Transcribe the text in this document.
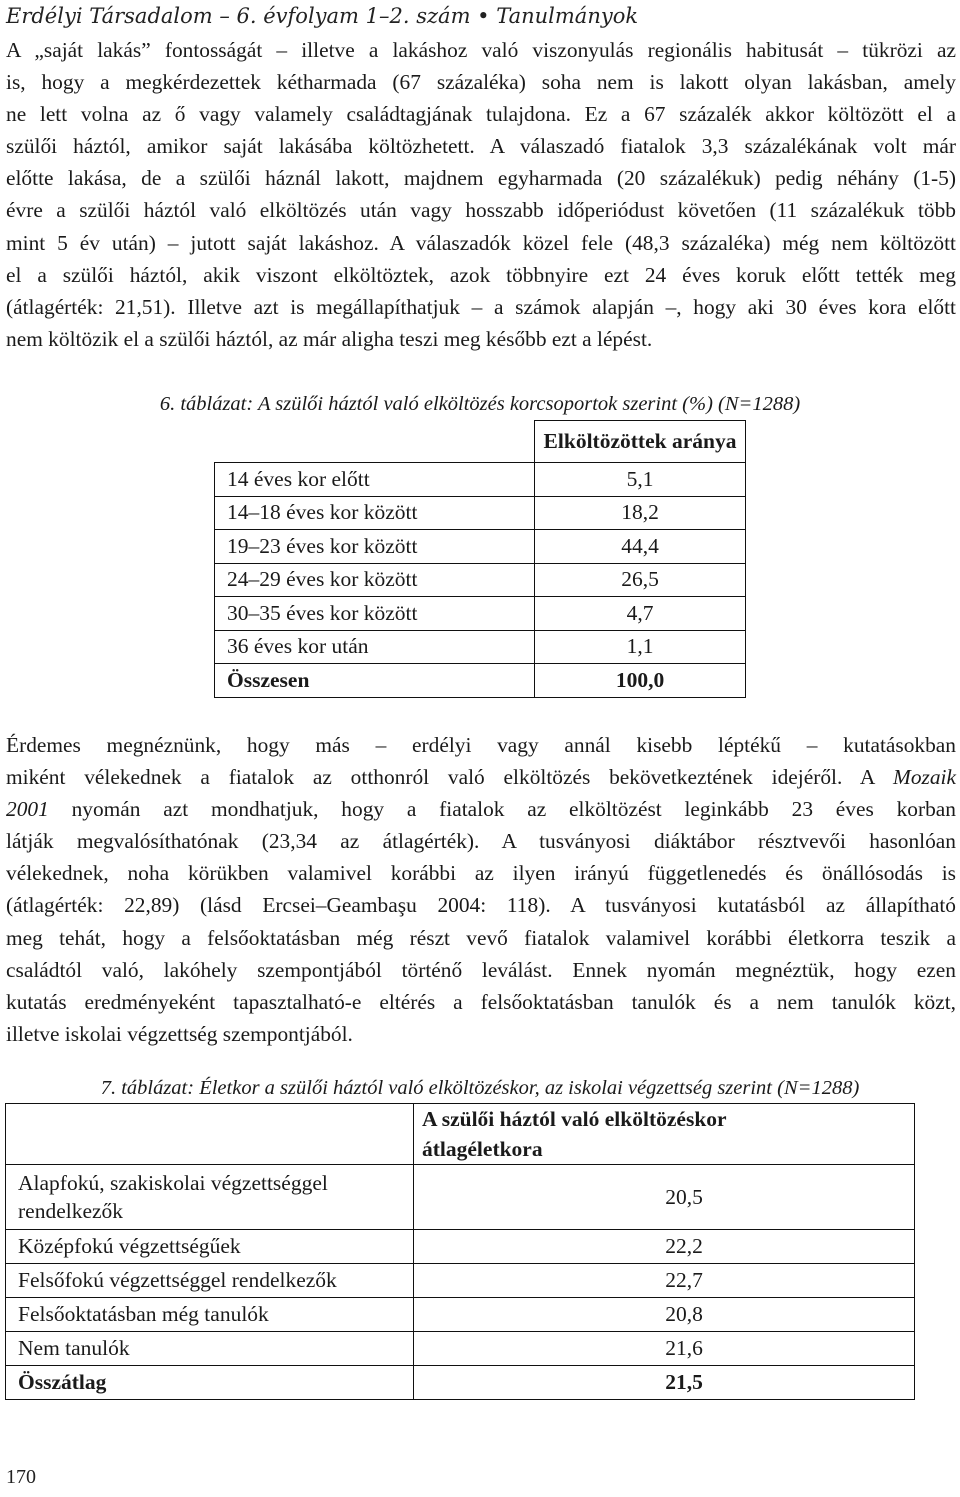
Erdélyi Társadalom – 6. évfolyam 1–2. szám • Tanulmányok
A „saját lakás” fontosságát – illetve a lakáshoz való viszonyulás regionális habitusát – tükrözi az
is, hogy a megkérdezettek kétharmada (67 százaléka) soha nem is lakott olyan lakásban, amely
ne lett volna az ő vagy valamely családtagjának tulajdona. Ez a 67 százalék akkor költözött el a
szülői háztól, amikor saját lakásába költözhetett. A válaszadó fiatalok 3,3 százalékának volt már
előtte lakása, de a szülői háznál lakott, majdnem egyharmada (20 százalékuk) pedig néhány (1-5)
évre a szülői háztól való elköltözés után vagy hosszabb időperiódust követően (11 százalékuk több
mint 5 év után) – jutott saját lakáshoz. A válaszadók közel fele (48,3 százaléka) még nem költözött
el a szülői háztól, akik viszont elköltöztek, azok többnyire ezt 24 éves koruk előtt tették meg
(átlagérték: 21,51). Illetve azt is megállapíthatjuk – a számok alapján –, hogy aki 30 éves kora előtt
nem költözik el a szülői háztól, az már aligha teszi meg később ezt a lépést.
6. táblázat: A szülői háztól való elköltözés korcsoportok szerint (%) (N=1288)
	Elköltözöttek aránya
14 éves kor előtt	5,1
14–18 éves kor között	18,2
19–23 éves kor között	44,4
24–29 éves kor között	26,5
30–35 éves kor között	4,7
36 éves kor után	1,1
Összesen	100,0
Érdemes megnéznünk, hogy más – erdélyi vagy annál kisebb léptékű – kutatásokban
miként vélekednek a fiatalok az otthonról való elköltözés bekövetkeztének idejéről. A Mozaik
2001 nyomán azt mondhatjuk, hogy a fiatalok az elköltözést leginkább 23 éves korban
látják megvalósíthatónak (23,34 az átlagérték). A tusványosi diáktábor résztvevői hasonlóan
vélekednek, noha körükben valamivel korábbi az ilyen irányú függetlenedés és önállósodás is
(átlagérték: 22,89) (lásd Ercsei–Geambaşu 2004: 118). A tusványosi kutatásból az állapítható
meg tehát, hogy a felsőoktatásban még részt vevő fiatalok valamivel korábbi életkorra teszik a
családtól való, lakóhely szempontjából történő leválást. Ennek nyomán megnéztük, hogy ezen
kutatás eredményeként tapasztalható-e eltérés a felsőoktatásban tanulók és a nem tanulók közt,
illetve iskolai végzettség szempontjából.
7. táblázat: Életkor a szülői háztól való elköltözéskor, az iskolai végzettség szerint (N=1288)
	A szülői háztól való elköltözéskor
átlagéletkora
Alapfokú, szakiskolai végzettséggel
rendelkezők	20,5
Középfokú végzettségűek	22,2
Felsőfokú végzettséggel rendelkezők	22,7
Felsőoktatásban még tanulók	20,8
Nem tanulók	21,6
Összátlag	21,5
170
